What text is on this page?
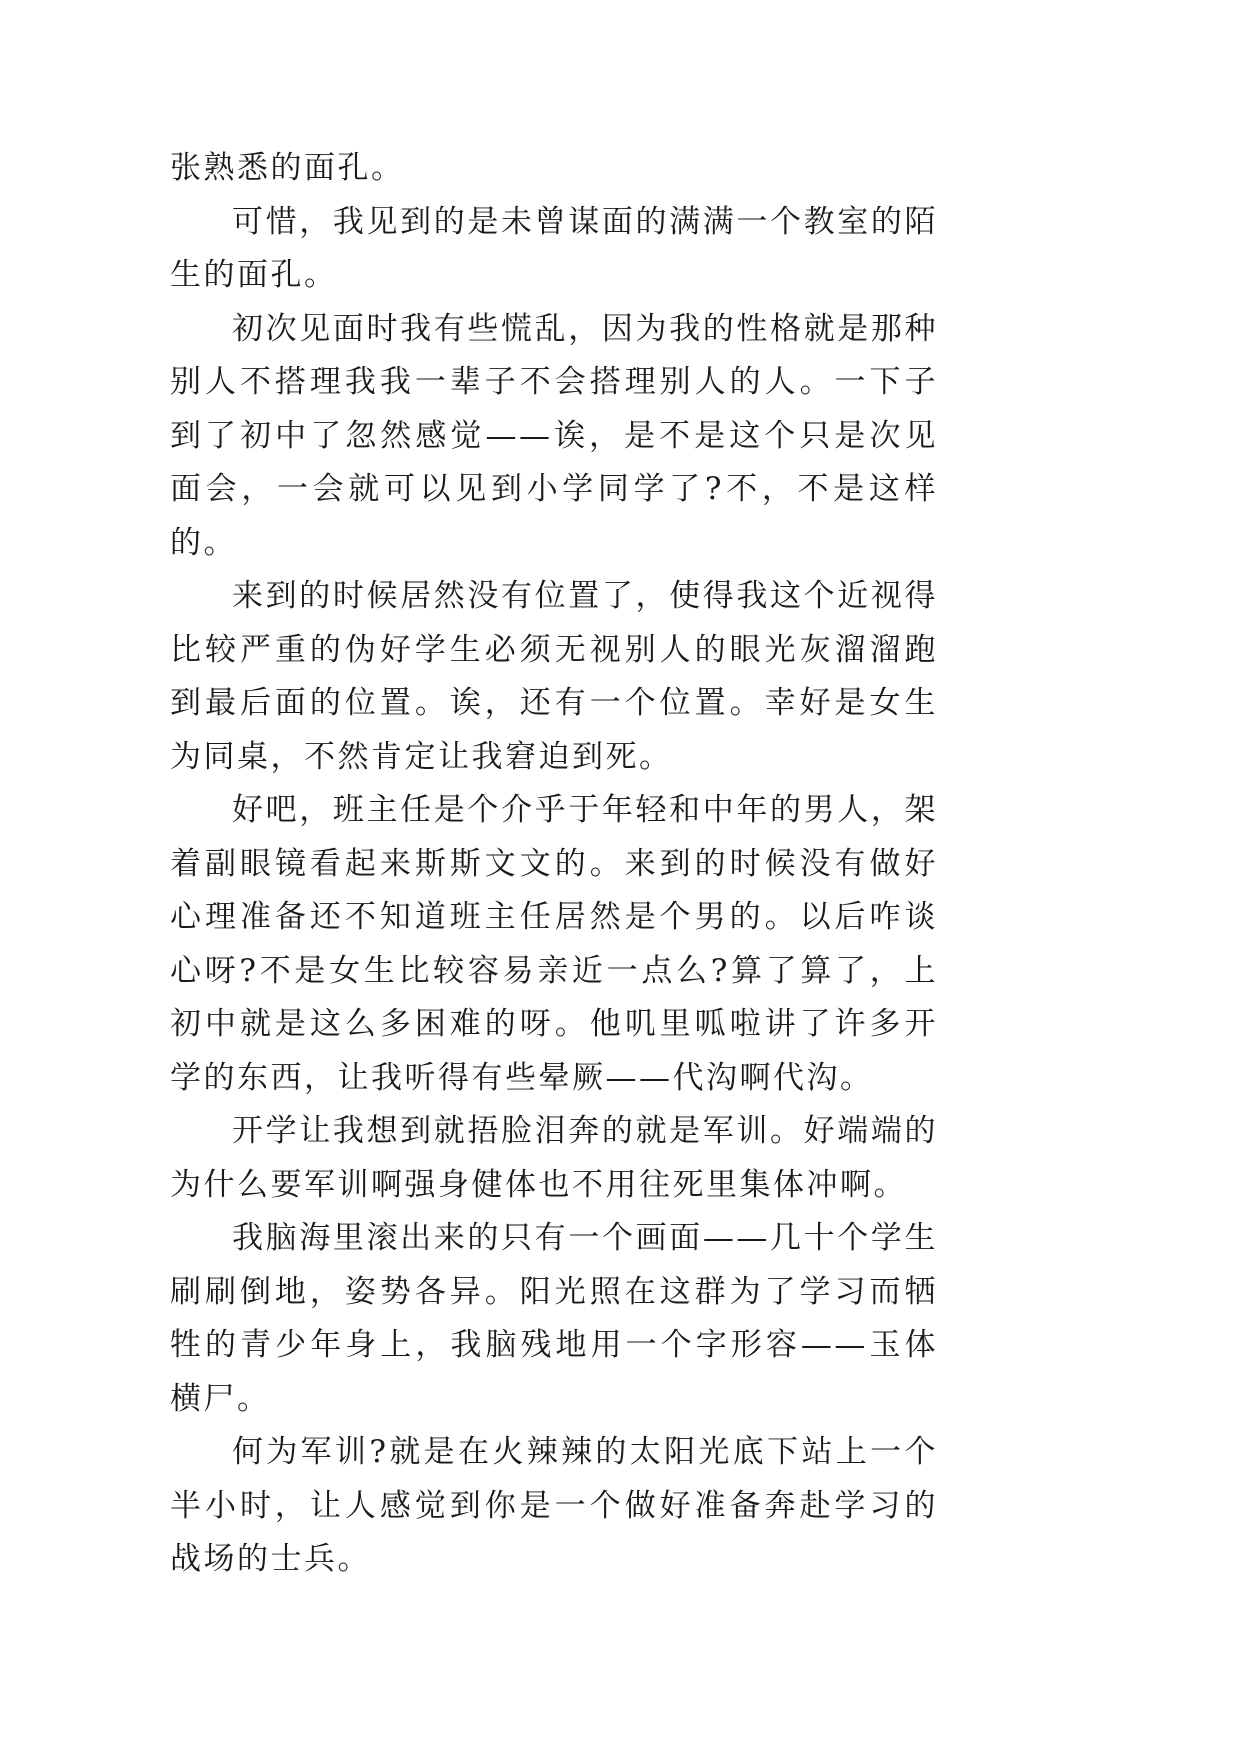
张熟悉的面孔。

可惜，我见到的是未曾谋面的满满一个教室的陌生的面孔。

初次见面时我有些慌乱，因为我的性格就是那种别人不搭理我我一辈子不会搭理别人的人。一下子到了初中了忽然感觉——诶，是不是这个只是次见面会，一会就可以见到小学同学了?不，不是这样的。

来到的时候居然没有位置了，使得我这个近视得比较严重的伪好学生必须无视别人的眼光灰溜溜跑到最后面的位置。诶，还有一个位置。幸好是女生为同桌，不然肯定让我窘迫到死。

好吧，班主任是个介乎于年轻和中年的男人，架着副眼镜看起来斯斯文文的。来到的时候没有做好心理准备还不知道班主任居然是个男的。以后咋谈心呀?不是女生比较容易亲近一点么?算了算了，上初中就是这么多困难的呀。他叽里呱啦讲了许多开学的东西，让我听得有些晕厥——代沟啊代沟。

开学让我想到就捂脸泪奔的就是军训。好端端的为什么要军训啊强身健体也不用往死里集体冲啊。

我脑海里滚出来的只有一个画面——几十个学生刷刷倒地，姿势各异。阳光照在这群为了学习而牺牲的青少年身上，我脑残地用一个字形容——玉体横尸。

何为军训?就是在火辣辣的太阳光底下站上一个半小时，让人感觉到你是一个做好准备奔赴学习的战场的士兵。
